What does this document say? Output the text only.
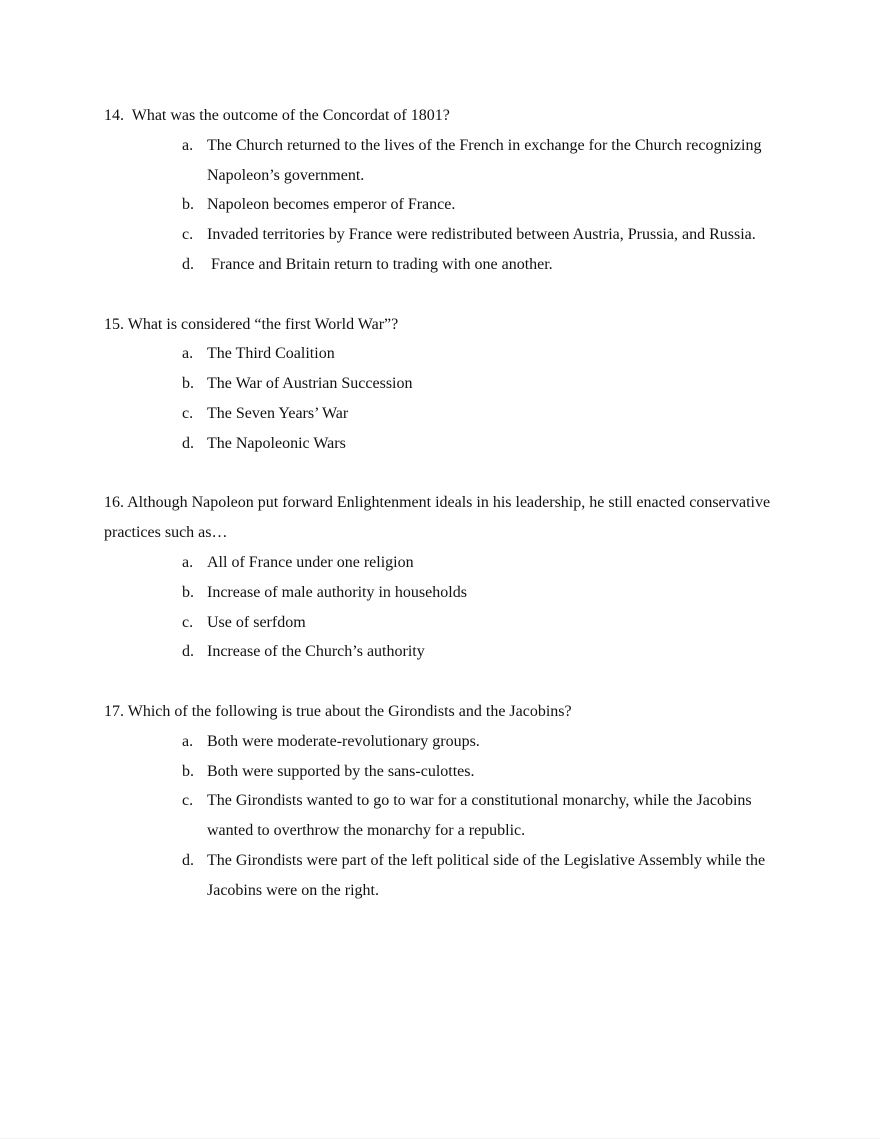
14. What was the outcome of the Concordat of 1801?
a. The Church returned to the lives of the French in exchange for the Church recognizing Napoleon’s government.
b. Napoleon becomes emperor of France.
c. Invaded territories by France were redistributed between Austria, Prussia, and Russia.
d. France and Britain return to trading with one another.
15. What is considered “the first World War”?
a. The Third Coalition
b. The War of Austrian Succession
c. The Seven Years’ War
d. The Napoleonic Wars
16. Although Napoleon put forward Enlightenment ideals in his leadership, he still enacted conservative practices such as…
a. All of France under one religion
b. Increase of male authority in households
c. Use of serfdom
d. Increase of the Church’s authority
17. Which of the following is true about the Girondists and the Jacobins?
a. Both were moderate-revolutionary groups.
b. Both were supported by the sans-culottes.
c. The Girondists wanted to go to war for a constitutional monarchy, while the Jacobins wanted to overthrow the monarchy for a republic.
d. The Girondists were part of the left political side of the Legislative Assembly while the Jacobins were on the right.
